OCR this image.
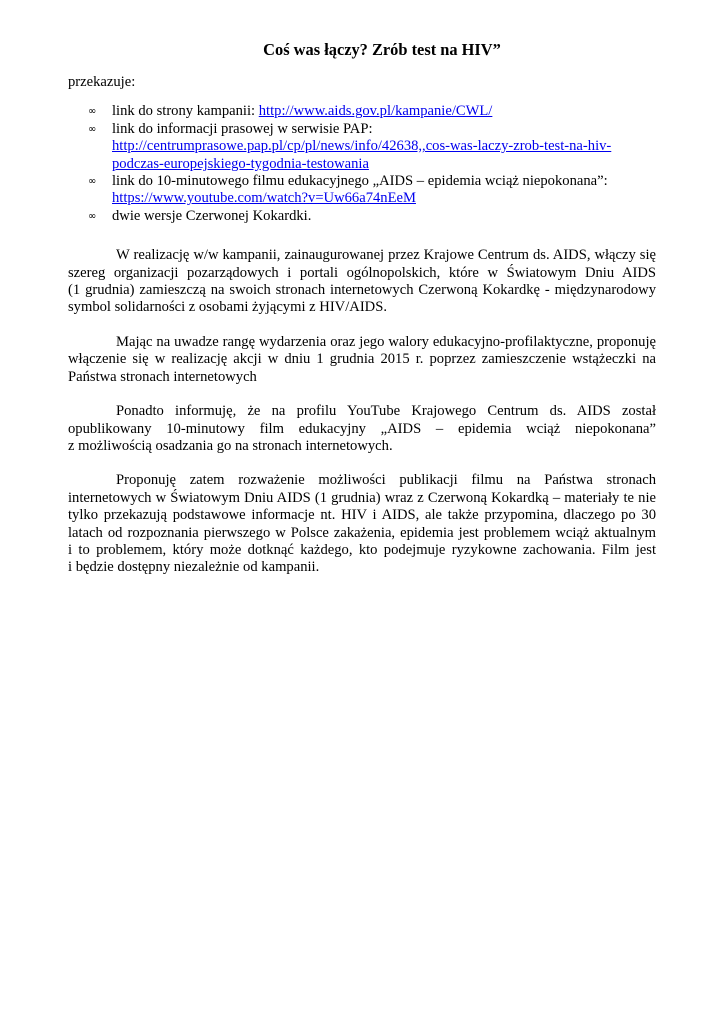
Coś was łączy? Zrób test na HIV”
przekazuje:
∞ link do strony kampanii: http://www.aids.gov.pl/kampanie/CWL/
∞ link do informacji prasowej w serwisie PAP:
http://centrumprasowe.pap.pl/cp/pl/news/info/42638,,cos-was-laczy-zrob-test-na-hiv-
podczas-europejskiego-tygodnia-testowania
∞ link do 10-minutowego filmu edukacyjnego „AIDS – epidemia wciąż niepokonana”:
https://www.youtube.com/watch?v=Uw66a74nEeM
∞ dwie wersje Czerwonej Kokardki.
W realizację w/w kampanii, zainaugurowanej przez Krajowe Centrum ds. AIDS, włączy się
szereg organizacji pozarządowych i portali ogólnopolskich, które w Światowym Dniu AIDS
(1 grudnia) zamieszczą na swoich stronach internetowych Czerwoną Kokardkę - międzynarodowy
symbol solidarności z osobami żyjącymi z HIV/AIDS.
Mając na uwadze rangę wydarzenia oraz jego walory edukacyjno-profilaktyczne, proponuję
włączenie się w realizację akcji w dniu 1 grudnia 2015 r. poprzez zamieszczenie wstążeczki na
Państwa stronach internetowych
Ponadto informuję, że na profilu YouTube Krajowego Centrum ds. AIDS został
opublikowany 10-minutowy film edukacyjny „AIDS – epidemia wciąż niepokonana”
z możliwością osadzania go na stronach internetowych.
Proponuję zatem rozważenie możliwości publikacji filmu na Państwa stronach
internetowych w Światowym Dniu AIDS (1 grudnia) wraz z Czerwoną Kokardką – materiały te nie
tylko przekazują podstawowe informacje nt. HIV i AIDS, ale także przypomina, dlaczego po 30
latach od rozpoznania pierwszego w Polsce zakażenia, epidemia jest problemem wciąż aktualnym
i to problemem, który może dotknąć każdego, kto podejmuje ryzykowne zachowania. Film jest
i będzie dostępny niezależnie od kampanii.
